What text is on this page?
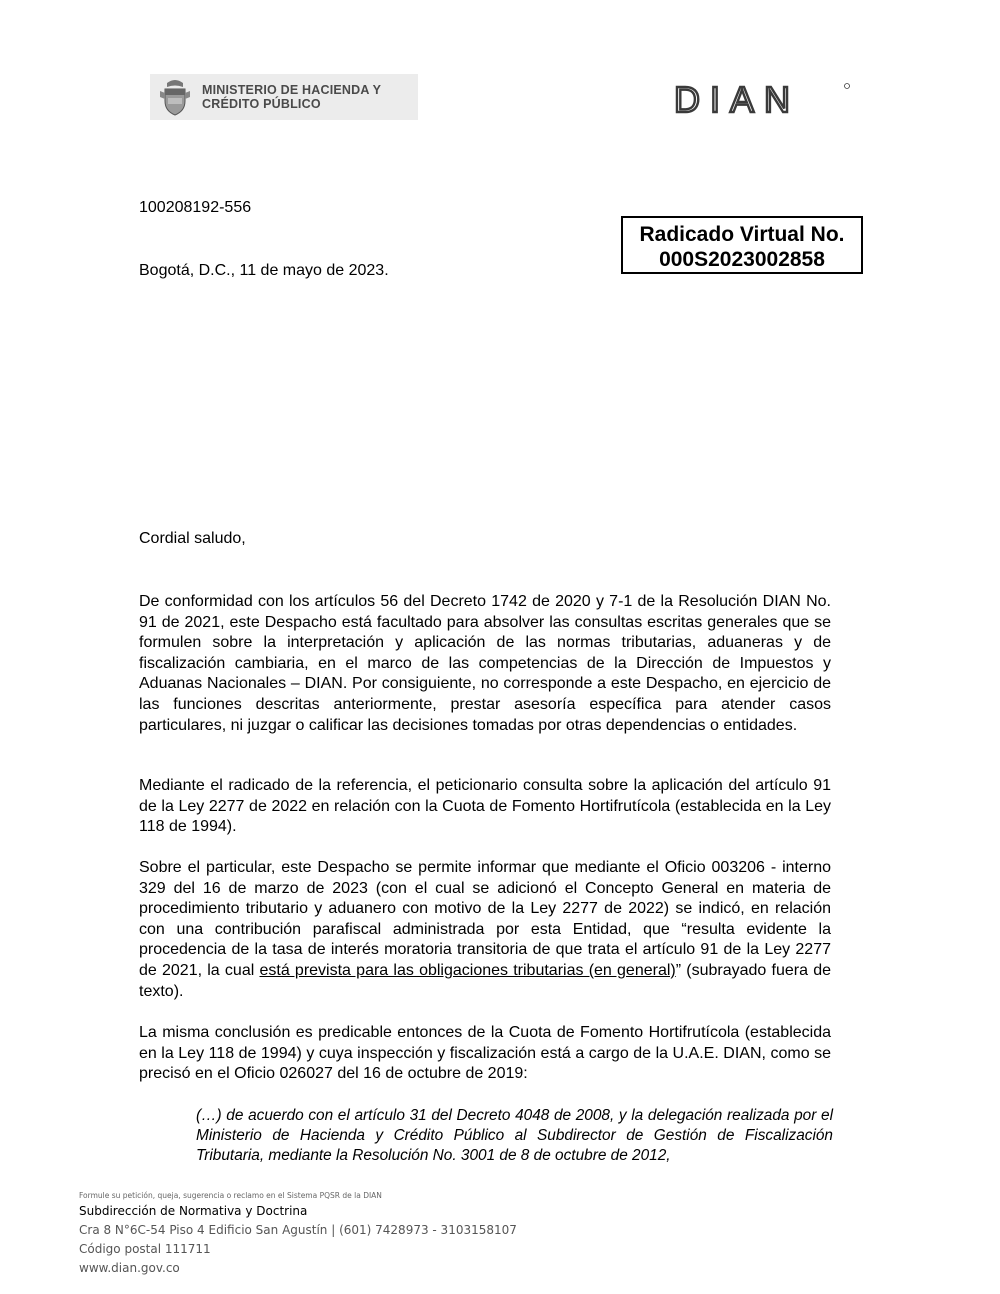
MINISTERIO DE HACIENDA Y
CRÉDITO PÚBLICO	DIAN
100208192-556
Bogotá, D.C., 11 de mayo de 2023.
Radicado Virtual No.
000S2023002858
Cordial saludo,
De conformidad con los artículos 56 del Decreto 1742 de 2020 y 7-1 de la Resolución DIAN No. 91 de 2021, este Despacho está facultado para absolver las consultas escritas generales que se formulen sobre la interpretación y aplicación de las normas tributarias, aduaneras y de fiscalización cambiaria, en el marco de las competencias de la Dirección de Impuestos y Aduanas Nacionales – DIAN. Por consiguiente, no corresponde a este Despacho, en ejercicio de las funciones descritas anteriormente, prestar asesoría específica para atender casos particulares, ni juzgar o calificar las decisiones tomadas por otras dependencias o entidades.
Mediante el radicado de la referencia, el peticionario consulta sobre la aplicación del artículo 91 de la Ley 2277 de 2022 en relación con la Cuota de Fomento Hortifrutícola (establecida en la Ley 118 de 1994).
Sobre el particular, este Despacho se permite informar que mediante el Oficio 003206 - interno 329 del 16 de marzo de 2023 (con el cual se adicionó el Concepto General en materia de procedimiento tributario y aduanero con motivo de la Ley 2277 de 2022) se indicó, en relación con una contribución parafiscal administrada por esta Entidad, que “resulta evidente la procedencia de la tasa de interés moratoria transitoria de que trata el artículo 91 de la Ley 2277 de 2021, la cual está prevista para las obligaciones tributarias (en general)” (subrayado fuera de texto).
La misma conclusión es predicable entonces de la Cuota de Fomento Hortifrutícola (establecida en la Ley 118 de 1994) y cuya inspección y fiscalización está a cargo de la U.A.E. DIAN, como se precisó en el Oficio 026027 del 16 de octubre de 2019:
(…) de acuerdo con el artículo 31 del Decreto 4048 de 2008, y la delegación realizada por el Ministerio de Hacienda y Crédito Público al Subdirector de Gestión de Fiscalización Tributaria, mediante la Resolución No. 3001 de 8 de octubre de 2012,
Formule su petición, queja, sugerencia o reclamo en el Sistema PQSR de la DIAN
Subdirección de Normativa y Doctrina
Cra 8 N°6C-54 Piso 4 Edificio San Agustín | (601) 7428973 - 3103158107
Código postal 111711
www.dian.gov.co
